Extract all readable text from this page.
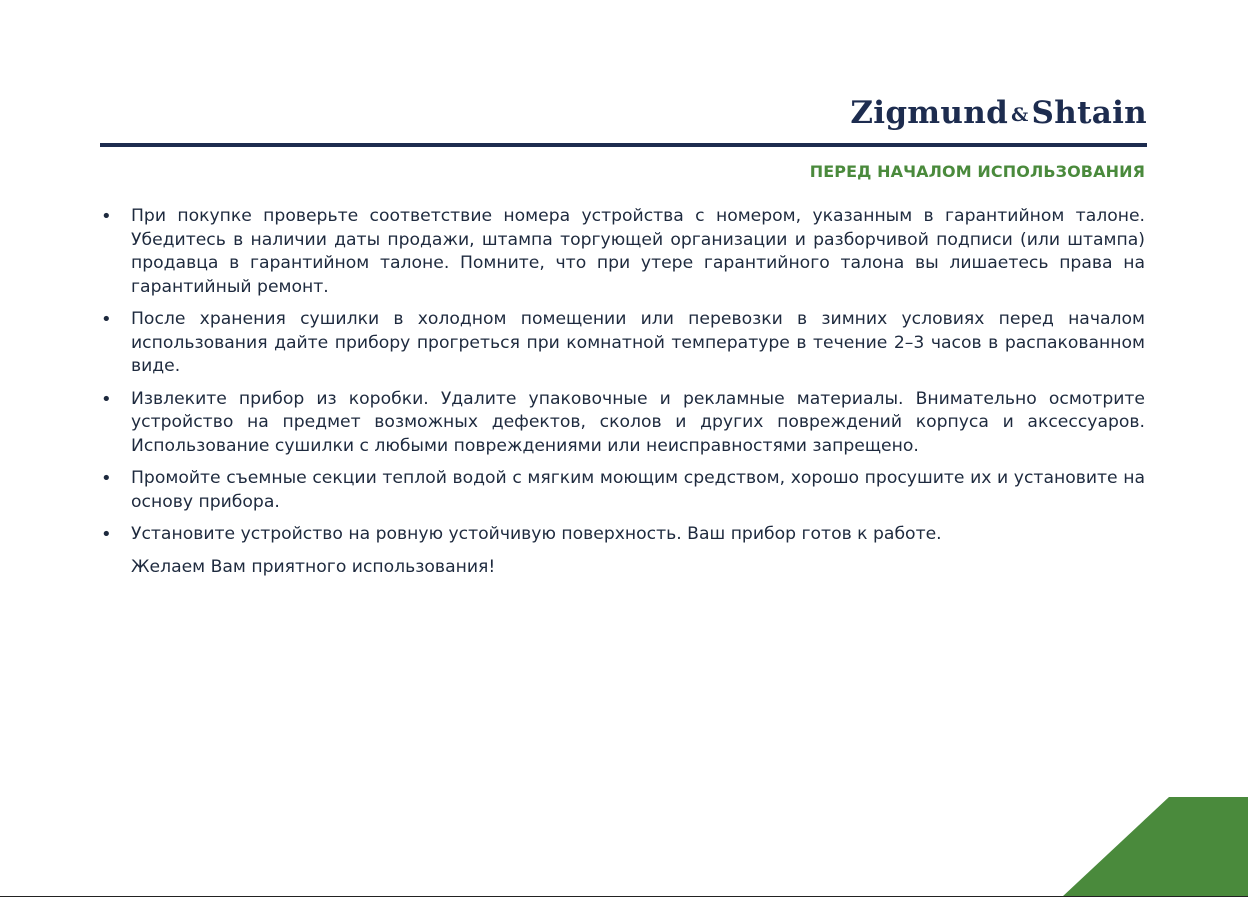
Zigmund &Shtain
ПЕРЕД НАЧАЛОМ ИСПОЛЬЗОВАНИЯ
• При покупке проверьте соответствие номера устройства с номером, указанным в гарантийном талоне. Убедитесь в наличии даты продажи, штампа торгующей организации и разборчивой подписи (или штампа) продавца в гарантийном талоне. Помните, что при утере гарантийного талона вы лишаетесь права на гарантийный ремонт.
• После хранения сушилки в холодном помещении или перевозки в зимних условиях перед началом использования дайте прибору прогреться при комнатной температуре в течение 2–3 часов в распакованном виде.
• Извлеките прибор из коробки. Удалите упаковочные и рекламные материалы. Внимательно осмотрите устройство на предмет возможных дефектов, сколов и других повреждений корпуса и аксессуаров. Использование сушилки с любыми повреждениями или неисправностями запрещено.
• Промойте съемные секции теплой водой с мягким моющим средством, хорошо просушите их и установите на основу прибора.
• Установите устройство на ровную устойчивую поверхность. Ваш прибор готов к работе.
Желаем Вам приятного использования!
